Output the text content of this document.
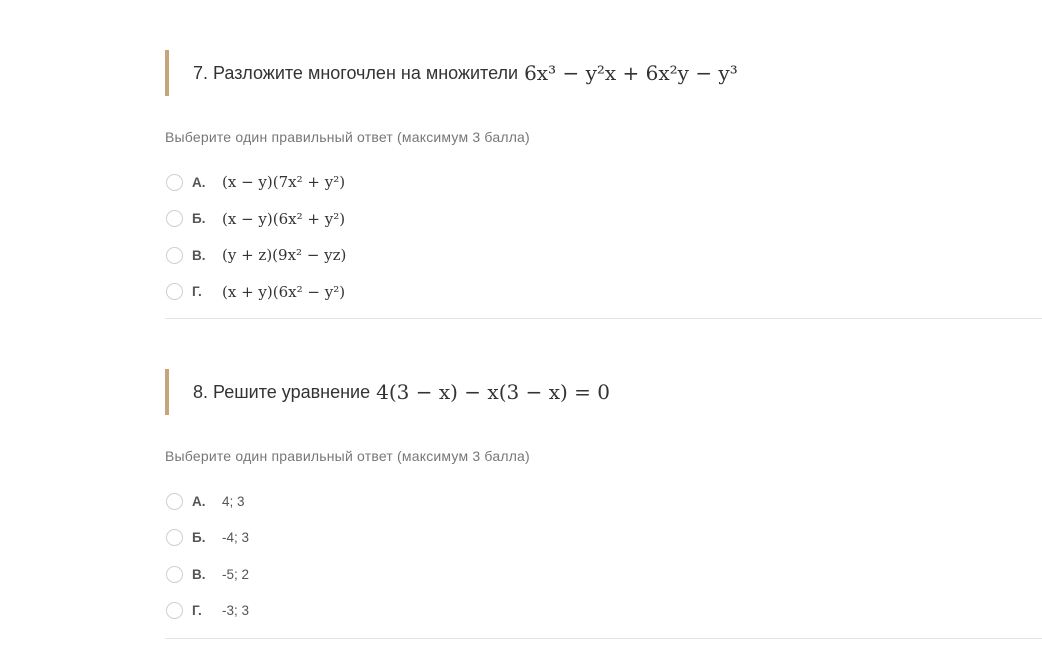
7. Разложите многочлен на множители 6x³ − y²x + 6x²y − y³
Выберите один правильный ответ (максимум 3 балла)
А.	(x − y)(7x² + y²)
Б.	(x − y)(6x² + y²)
В.	(y + z)(9x² − yz)
Г.	(x + y)(6x² − y²)
8. Решите уравнение 4(3 − x) − x(3 − x) = 0
Выберите один правильный ответ (максимум 3 балла)
А.	4; 3
Б.	-4; 3
В.	-5; 2
Г.	-3; 3
